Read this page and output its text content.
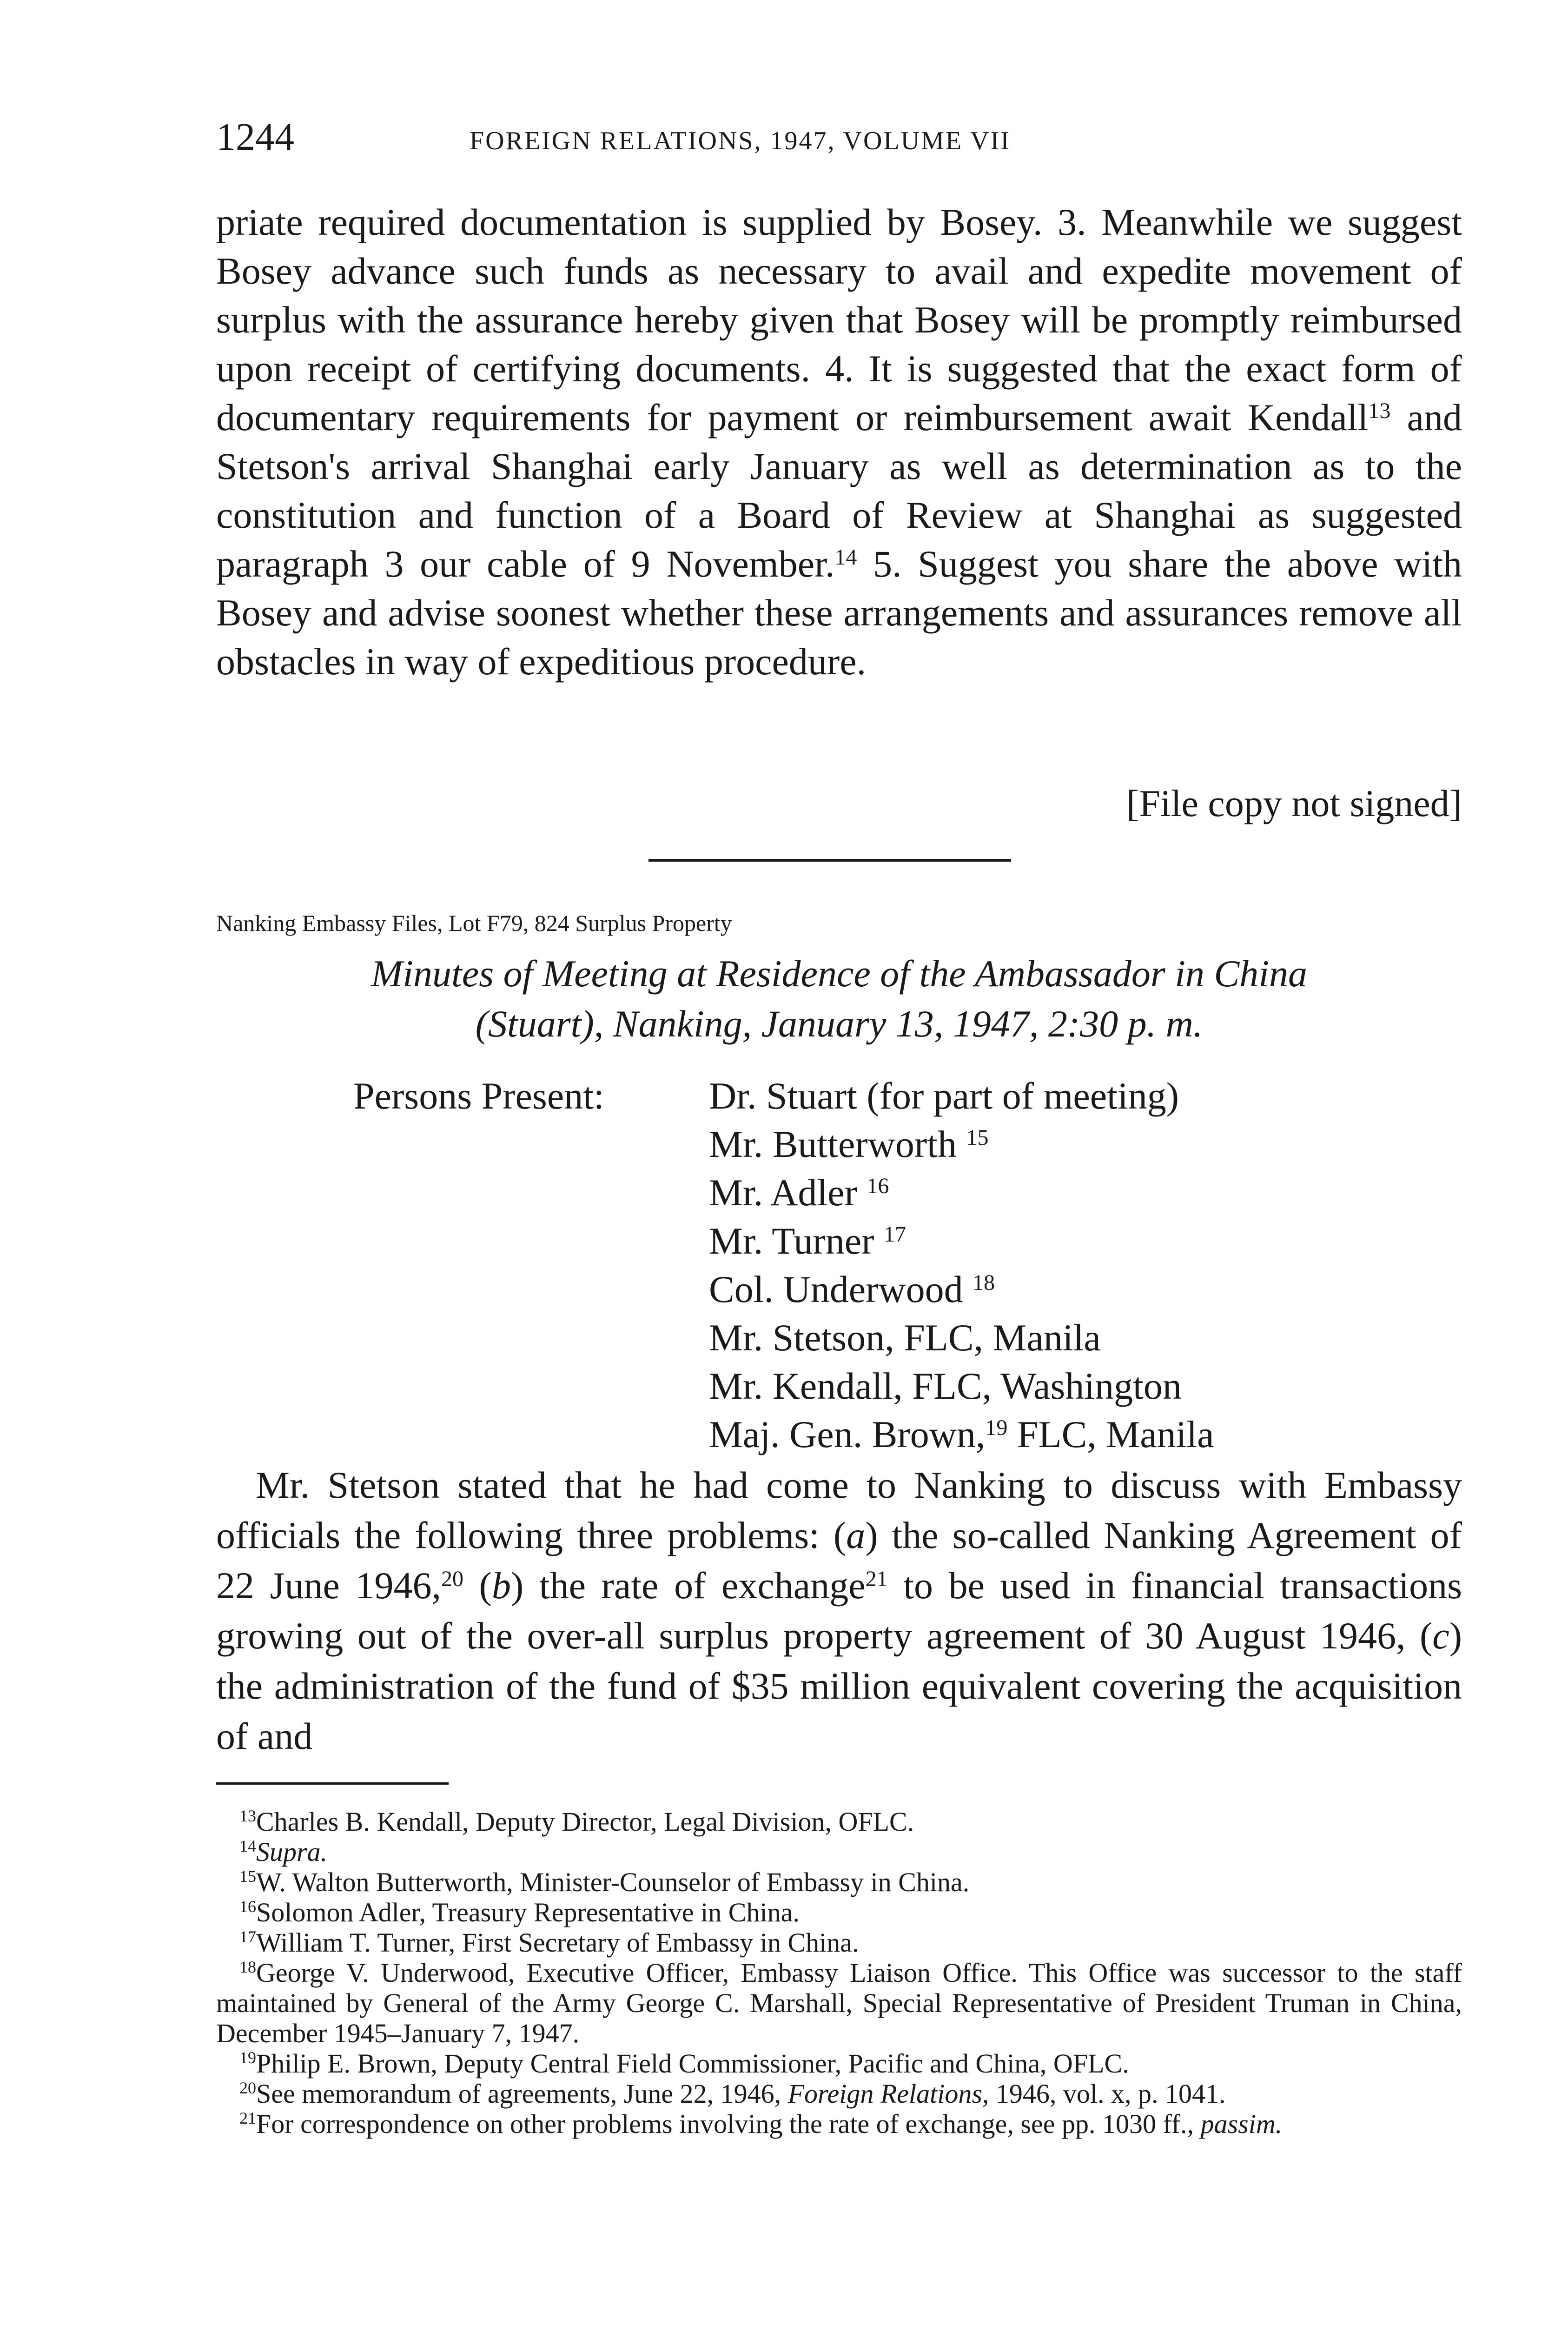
1244	FOREIGN RELATIONS, 1947, VOLUME VII

priate required documentation is supplied by Bosey. 3. Meanwhile we suggest Bosey advance such funds as necessary to avail and expedite movement of surplus with the assurance hereby given that Bosey will be promptly reimbursed upon receipt of certifying documents. 4. It is suggested that the exact form of documentary requirements for payment or reimbursement await Kendall$^{13}$ and Stetson's arrival Shanghai early January as well as determination as to the constitution and function of a Board of Review at Shanghai as suggested paragraph 3 our cable of 9 November.$^{14}$ 5. Suggest you share the above with Bosey and advise soonest whether these arrangements and assurances remove all obstacles in way of expeditious procedure.

[File copy not signed]
Nanking Embassy Files, Lot F79, 824 Surplus Property
Minutes of Meeting at Residence of the Ambassador in China
(Stuart), Nanking, January 13, 1947, 2:30 p. m.
Persons Present:	Dr. Stuart (for part of meeting)
Mr. Butterworth $^{15}$
Mr. Adler $^{16}$
Mr. Turner $^{17}$
Col. Underwood $^{18}$
Mr. Stetson, FLC, Manila
Mr. Kendall, FLC, Washington
Maj. Gen. Brown,$^{19}$ FLC, Manila

Mr. Stetson stated that he had come to Nanking to discuss with Embassy officials the following three problems: (a) the so-called Nanking Agreement of 22 June 1946,20 (b) the rate of exchange$^{21}$ to be used in financial transactions growing out of the over-all surplus property agreement of 30 August 1946, (c) the administration of the fund of $35 million equivalent covering the acquisition of and

$^{13}$Charles B. Kendall, Deputy Director, Legal Division, OFLC.

$^{14}$Supra.

$^{15}$W. Walton Butterworth, Minister-Counselor of Embassy in China.

$^{16}$Solomon Adler, Treasury Representative in China.

$^{17}$William T. Turner, First Secretary of Embassy in China.

$^{18}$George V. Underwood, Executive Officer, Embassy Liaison Office. This Office was successor to the staff maintained by General of the Army George C. Marshall, Special Representative of President Truman in China, December 1945–January 7, 1947.

$^{19}$Philip E. Brown, Deputy Central Field Commissioner, Pacific and China, OFLC.

$^{20}$See memorandum of agreements, June 22, 1946, Foreign Relations, 1946, vol. x, p. 1041.

$^{21}$For correspondence on other problems involving the rate of exchange, see pp. 1030 ff., passim.
